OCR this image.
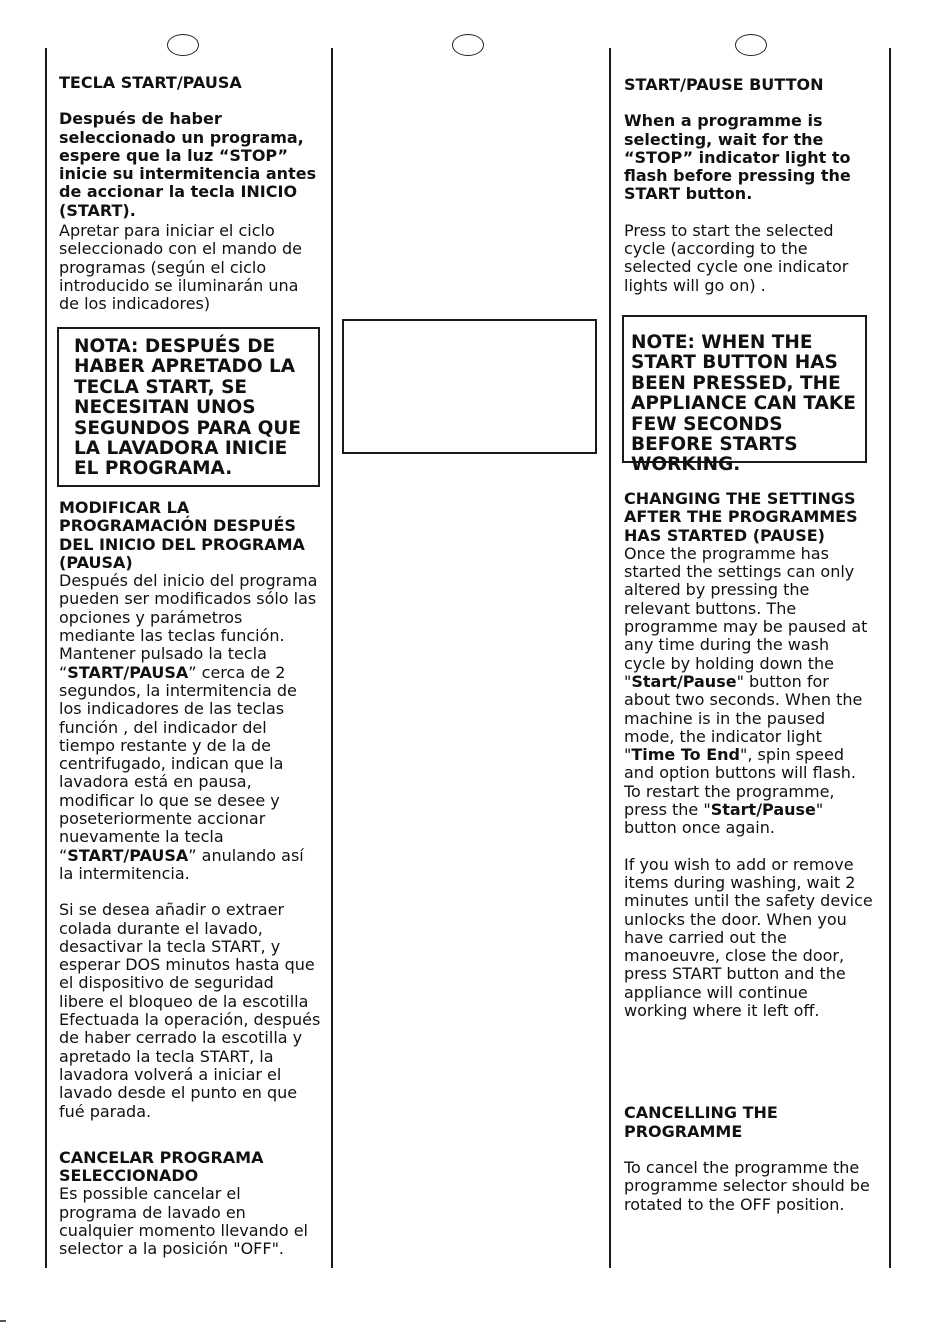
TECLA START/PAUSA

Después de haber seleccionado un programa, espere que la luz “STOP” inicie su intermitencia antes de accionar la tecla INICIO (START).

Apretar para iniciar el ciclo seleccionado con el mando de programas (según el ciclo introducido se iluminarán una de los indicadores)

NOTA: DESPUÉS DE HABER APRETADO LA TECLA START, SE NECESITAN UNOS SEGUNDOS PARA QUE LA LAVADORA INICIE EL PROGRAMA.

MODIFICAR LA PROGRAMACIÓN DESPUÉS DEL INICIO DEL PROGRAMA (PAUSA)

Después del inicio del programa pueden ser modificados sólo las opciones y parámetros mediante las teclas función. Mantener pulsado la tecla “START/PAUSA” cerca de 2 segundos, la intermitencia de los indicadores de las teclas función , del indicador del tiempo restante y de la de centrifugado, indican que la lavadora está en pausa, modificar lo que se desee y poseteriormente accionar nuevamente la tecla “START/PAUSA” anulando así la intermitencia.

Si se desea añadir o extraer colada durante el lavado, desactivar la tecla START, y esperar DOS minutos hasta que el dispositivo de seguridad libere el bloqueo de la escotilla Efectuada la operación, después de haber cerrado la escotilla y apretado la tecla START, la lavadora volverá a iniciar el lavado desde el punto en que fué parada.

CANCELAR PROGRAMA SELECCIONADO

Es possible cancelar el programa de lavado en cualquier momento llevando el selector a la posición "OFF".

START/PAUSE BUTTON

When a programme is selecting, wait for the “STOP” indicator light to flash before pressing the START button.

Press to start the selected cycle (according to the selected cycle one indicator lights will go on) .

NOTE: WHEN THE START BUTTON HAS BEEN PRESSED, THE APPLIANCE CAN TAKE FEW SECONDS BEFORE STARTS WORKING.

CHANGING THE SETTINGS AFTER THE PROGRAMMES HAS STARTED (PAUSE)

Once the programme has started the settings can only altered by pressing the relevant buttons. The programme may be paused at any time during the wash cycle by holding down the "Start/Pause" button for about two seconds. When the machine is in the paused mode, the indicator light "Time To End", spin speed and option buttons will flash. To restart the programme, press the "Start/Pause" button once again.

If you wish to add or remove items during washing, wait 2 minutes until the safety device unlocks the door. When you have carried out the manoeuvre, close the door, press START button and the appliance will continue working where it left off.

CANCELLING THE PROGRAMME

To cancel the programme the programme selector should be rotated to the OFF position.
